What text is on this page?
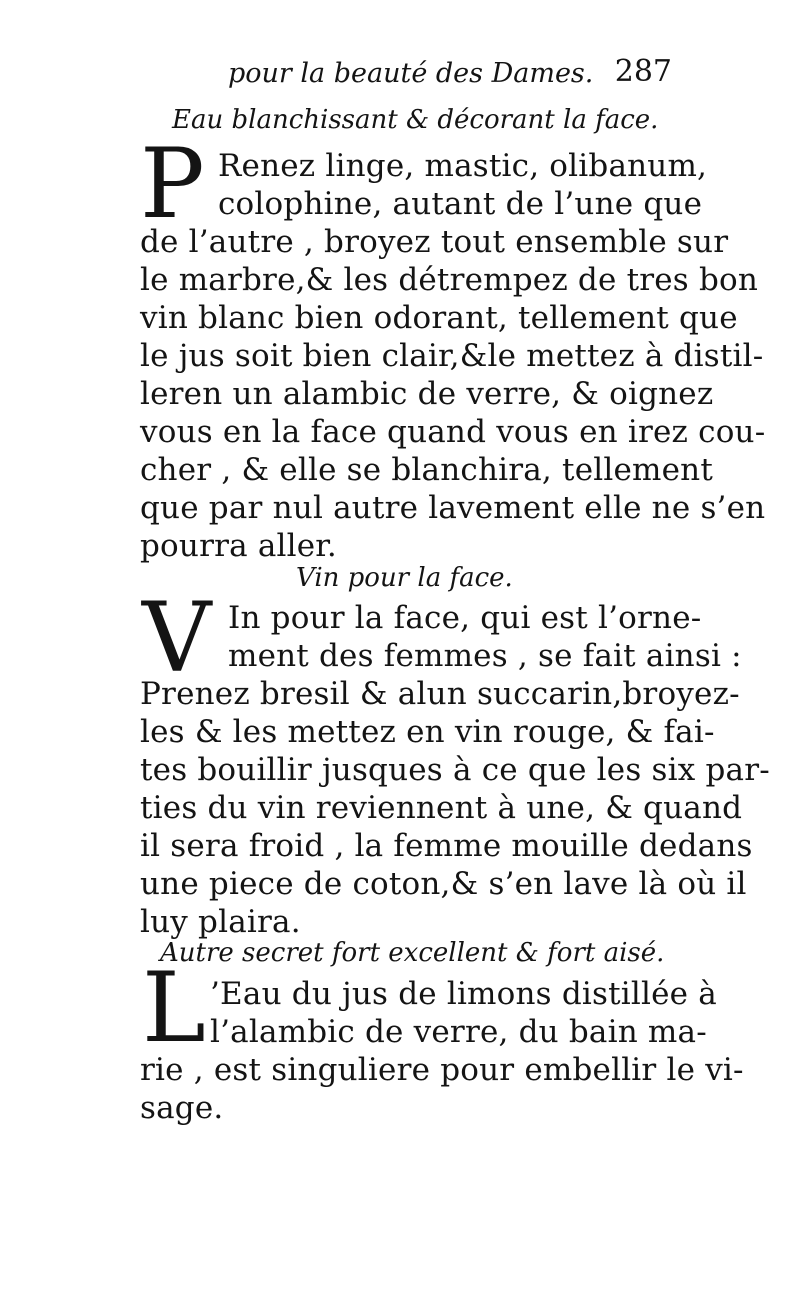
pour la beauté des Dames. 287
Eau blanchissant & décorant la face.
P Renez linge, mastic, olibanum,
colophine, autant de l’une que
de l’autre , broyez tout ensemble sur
le marbre,& les détrempez de tres bon
vin blanc bien odorant, tellement que
le jus soit bien clair,&le mettez à distil-
leren un alambic de verre, & oignez
vous en la face quand vous en irez cou-
cher , & elle se blanchira, tellement
que par nul autre lavement elle ne s’en
pourra aller.
Vin pour la face.
V In pour la face, qui est l’orne-
ment des femmes , se fait ainsi :
Prenez bresil & alun succarin,broyez-
les & les mettez en vin rouge, & fai-
tes bouillir jusques à ce que les six par-
ties du vin reviennent à une, & quand
il sera froid , la femme mouille dedans
une piece de coton,& s’en lave là où il
luy plaira.
Autre secret fort excellent & fort aisé.
L ’Eau du jus de limons distillée à
l’alambic de verre, du bain ma-
rie , est singuliere pour embellir le vi-
sage.
